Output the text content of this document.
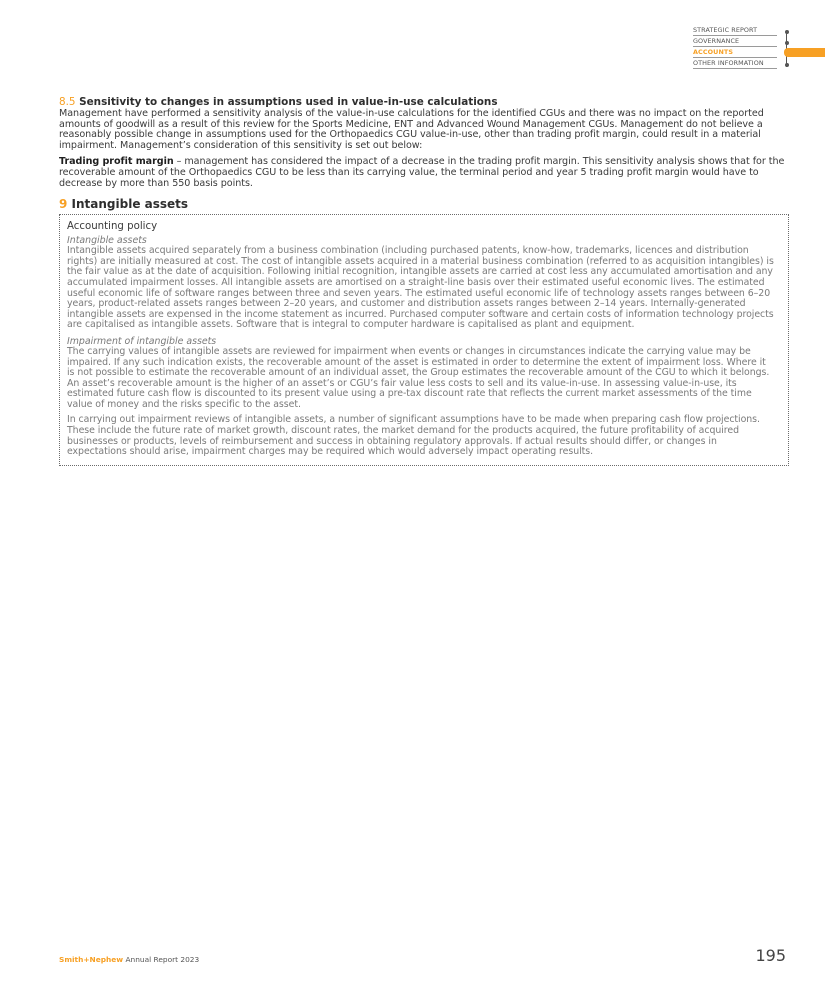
STRATEGIC REPORT
GOVERNANCE
ACCOUNTS
OTHER INFORMATION
8.5 Sensitivity to changes in assumptions used in value-in-use calculations

Management have performed a sensitivity analysis of the value-in-use calculations for the identified CGUs and there was no impact on the reported amounts of goodwill as a result of this review for the Sports Medicine, ENT and Advanced Wound Management CGUs. Management do not believe a reasonably possible change in assumptions used for the Orthopaedics CGU value-in-use, other than trading profit margin, could result in a material impairment. Management’s consideration of this sensitivity is set out below:

Trading profit margin – management has considered the impact of a decrease in the trading profit margin. This sensitivity analysis shows that for the recoverable amount of the Orthopaedics CGU to be less than its carrying value, the terminal period and year 5 trading profit margin would have to decrease by more than 550 basis points.

9 Intangible assets
Accounting policy
Intangible assets

Intangible assets acquired separately from a business combination (including purchased patents, know-how, trademarks, licences and distribution rights) are initially measured at cost. The cost of intangible assets acquired in a material business combination (referred to as acquisition intangibles) is the fair value as at the date of acquisition. Following initial recognition, intangible assets are carried at cost less any accumulated amortisation and any accumulated impairment losses. All intangible assets are amortised on a straight-line basis over their estimated useful economic lives. The estimated useful economic life of software ranges between three and seven years. The estimated useful economic life of technology assets ranges between 6–20 years, product-related assets ranges between 2–20 years, and customer and distribution assets ranges between 2–14 years. Internally-generated intangible assets are expensed in the income statement as incurred. Purchased computer software and certain costs of information technology projects are capitalised as intangible assets. Software that is integral to computer hardware is capitalised as plant and equipment.

Impairment of intangible assets

The carrying values of intangible assets are reviewed for impairment when events or changes in circumstances indicate the carrying value may be impaired. If any such indication exists, the recoverable amount of the asset is estimated in order to determine the extent of impairment loss. Where it is not possible to estimate the recoverable amount of an individual asset, the Group estimates the recoverable amount of the CGU to which it belongs. An asset’s recoverable amount is the higher of an asset’s or CGU’s fair value less costs to sell and its value-in-use. In assessing value-in-use, its estimated future cash flow is discounted to its present value using a pre-tax discount rate that reflects the current market assessments of the time value of money and the risks specific to the asset.

In carrying out impairment reviews of intangible assets, a number of significant assumptions have to be made when preparing cash flow projections. These include the future rate of market growth, discount rates, the market demand for the products acquired, the future profitability of acquired businesses or products, levels of reimbursement and success in obtaining regulatory approvals. If actual results should differ, or changes in expectations should arise, impairment charges may be required which would adversely impact operating results.

Smith+Nephew Annual Report 2023	195
